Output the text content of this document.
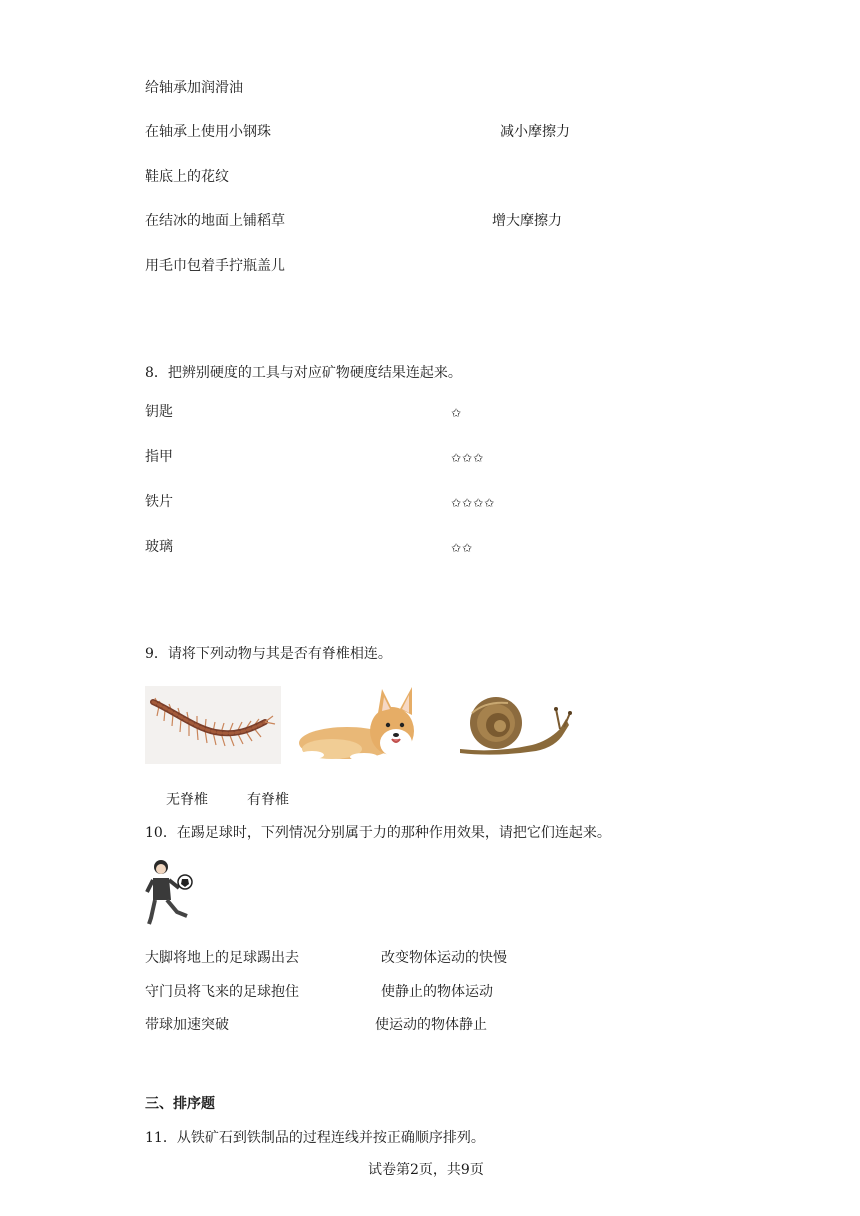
给轴承加润滑油
在轴承上使用小钢珠	减小摩擦力
鞋底上的花纹
在结冰的地面上铺稻草	增大摩擦力
用毛巾包着手拧瓶盖儿
8．把辨别硬度的工具与对应矿物硬度结果连起来。
钥匙	✩
指甲	✩✩✩
铁片	✩✩✩✩
玻璃	✩✩
9．请将下列动物与其是否有脊椎相连。
无脊椎	有脊椎
10．在踢足球时，下列情况分别属于力的那种作用效果，请把它们连起来。
大脚将地上的足球踢出去	改变物体运动的快慢
守门员将飞来的足球抱住	使静止的物体运动
带球加速突破	使运动的物体静止
三、排序题
11．从铁矿石到铁制品的过程连线并按正确顺序排列。
试卷第2页，共9页
